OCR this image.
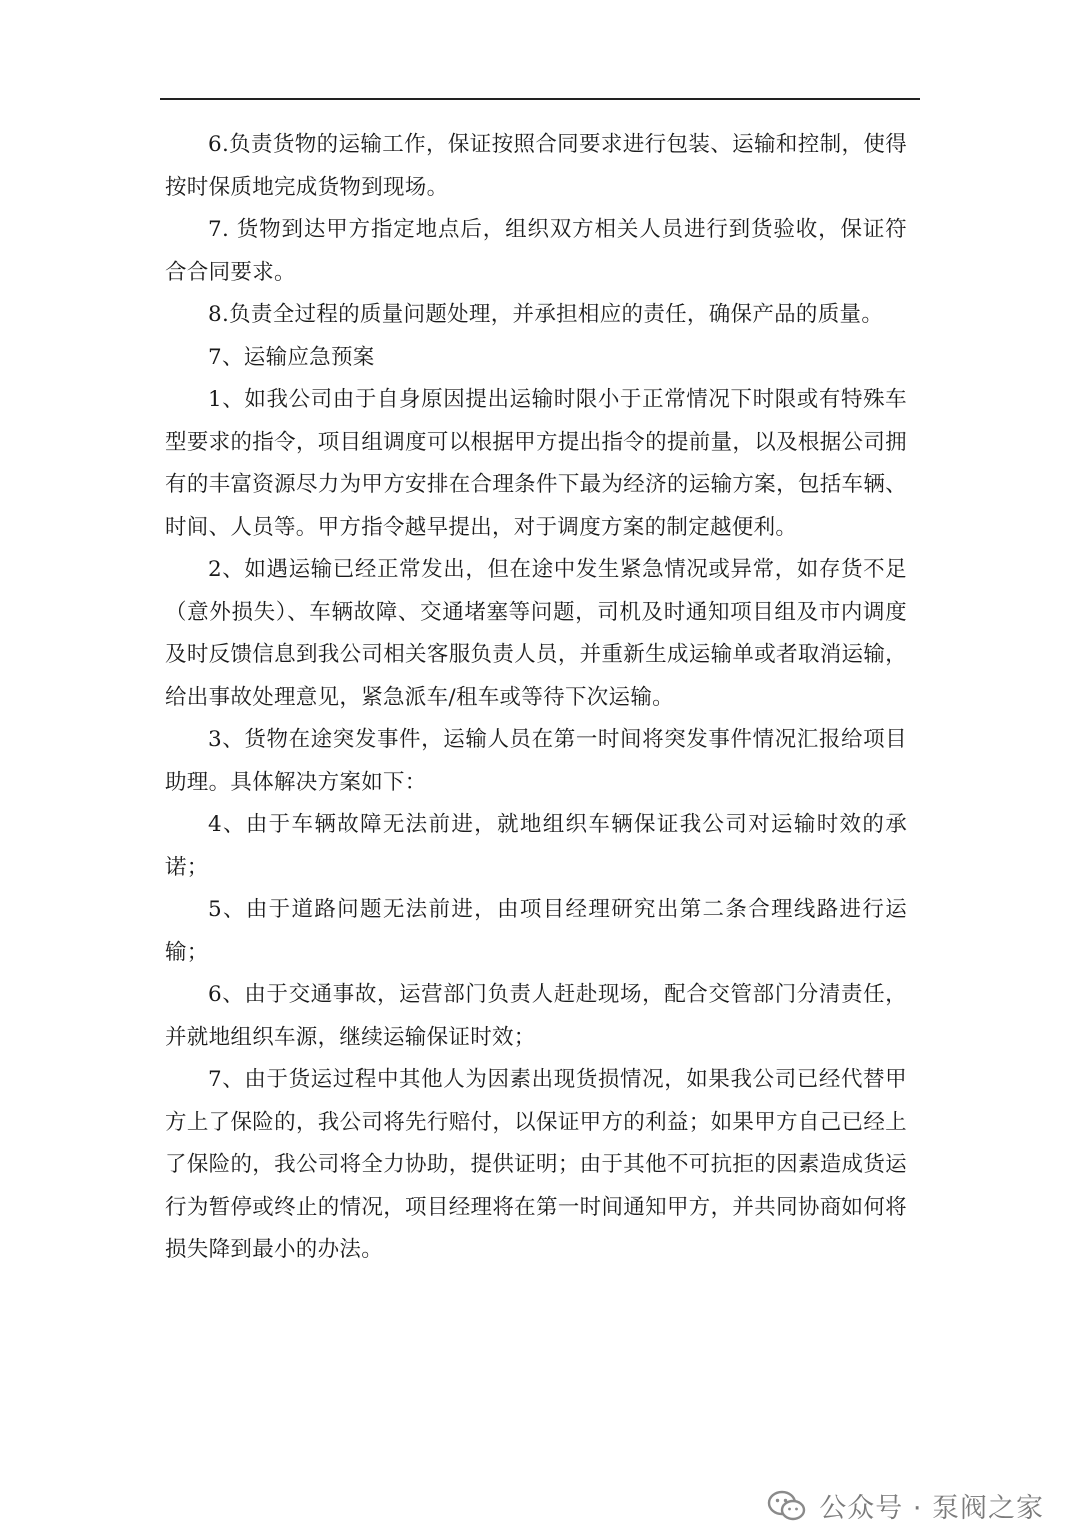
6.负责货物的运输工作，保证按照合同要求进行包装、运输和控制，使得按时保质地完成货物到现场。

7. 货物到达甲方指定地点后，组织双方相关人员进行到货验收，保证符合合同要求。

8.负责全过程的质量问题处理，并承担相应的责任，确保产品的质量。

7、运输应急预案

1、如我公司由于自身原因提出运输时限小于正常情况下时限或有特殊车型要求的指令，项目组调度可以根据甲方提出指令的提前量，以及根据公司拥有的丰富资源尽力为甲方安排在合理条件下最为经济的运输方案，包括车辆、时间、人员等。甲方指令越早提出，对于调度方案的制定越便利。

2、如遇运输已经正常发出，但在途中发生紧急情况或异常，如存货不足（意外损失）、车辆故障、交通堵塞等问题，司机及时通知项目组及市内调度及时反馈信息到我公司相关客服负责人员，并重新生成运输单或者取消运输，给出事故处理意见，紧急派车/租车或等待下次运输。

3、货物在途突发事件，运输人员在第一时间将突发事件情况汇报给项目助理。具体解决方案如下：

4、由于车辆故障无法前进，就地组织车辆保证我公司对运输时效的承诺；

5、由于道路问题无法前进，由项目经理研究出第二条合理线路进行运输；

6、由于交通事故，运营部门负责人赶赴现场，配合交管部门分清责任，并就地组织车源，继续运输保证时效；

7、由于货运过程中其他人为因素出现货损情况，如果我公司已经代替甲方上了保险的，我公司将先行赔付，以保证甲方的利益；如果甲方自己已经上了保险的，我公司将全力协助，提供证明；由于其他不可抗拒的因素造成货运行为暂停或终止的情况，项目经理将在第一时间通知甲方，并共同协商如何将损失降到最小的办法。

公众号 · 泵阀之家
